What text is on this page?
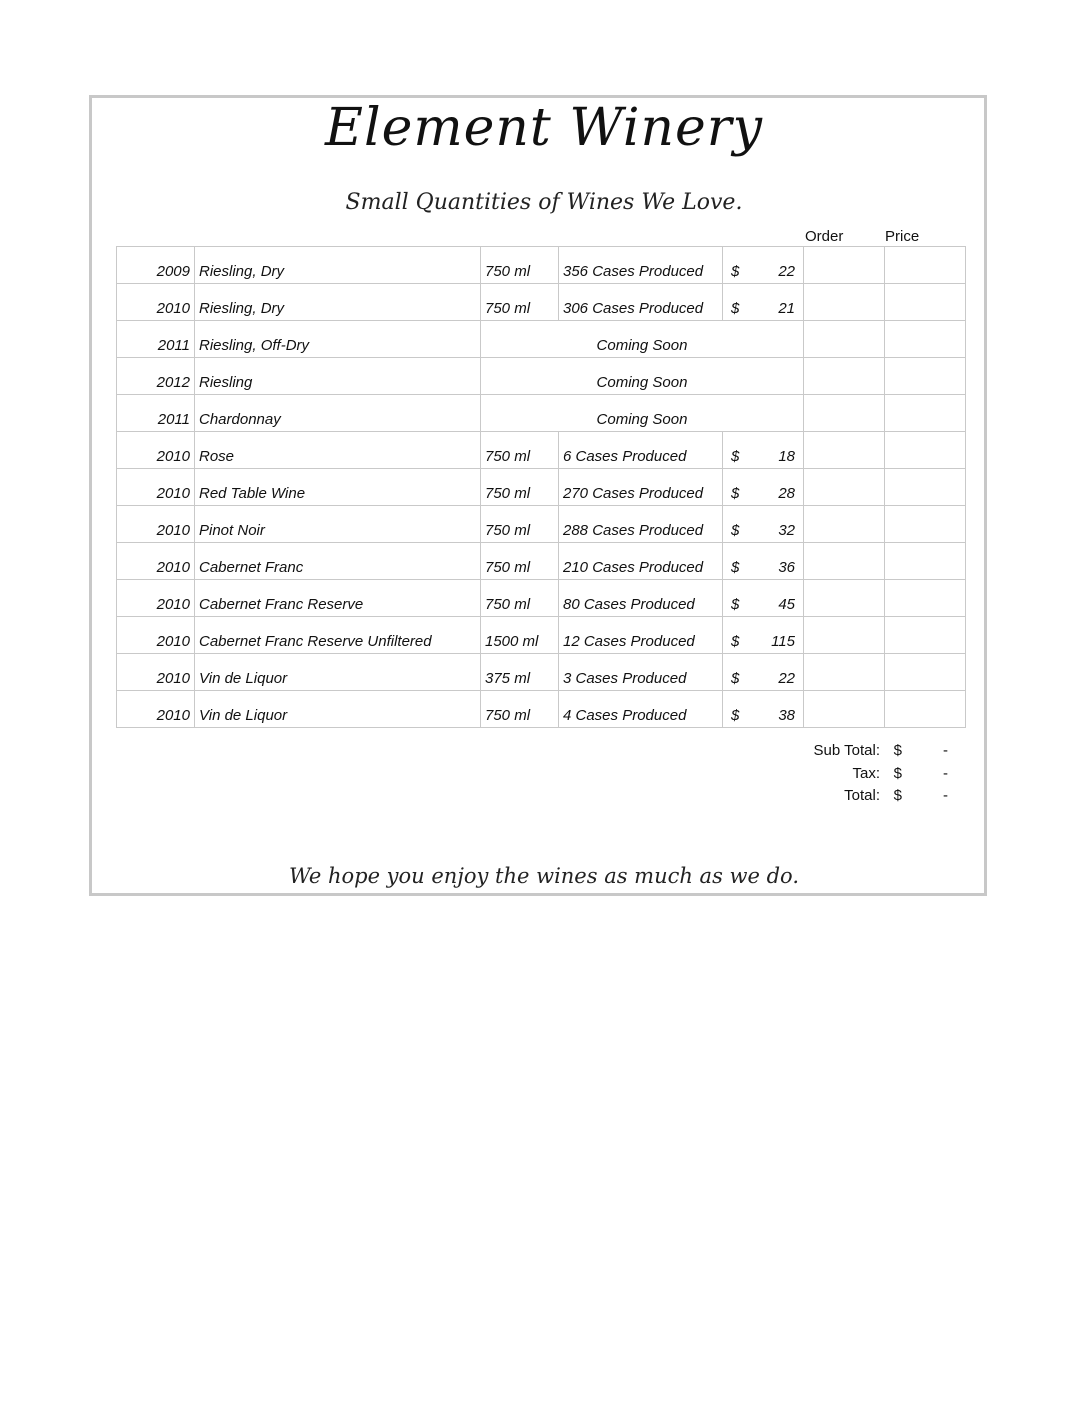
Element Winery
Small Quantities of Wines We Love.
Order	Price
2009	Riesling, Dry	750 ml	356 Cases Produced	$ 22		

2010	Riesling, Dry	750 ml	306 Cases Produced	$ 21		

2011	Riesling, Off-Dry	Coming Soon				
2012	Riesling	Coming Soon				
2011	Chardonnay	Coming Soon				
2010	Rose	750 ml	6 Cases Produced	$ 18		

2010	Red Table Wine	750 ml	270 Cases Produced	$ 28		

2010	Pinot Noir	750 ml	288 Cases Produced	$ 32		

2010	Cabernet Franc	750 ml	210 Cases Produced	$ 36		

2010	Cabernet Franc Reserve	750 ml	80 Cases Produced	$ 45		

2010	Cabernet Franc Reserve Unfiltered	1500 ml	12 Cases Produced	$ 115		

2010	Vin de Liquor	375 ml	3 Cases Produced	$ 22		

2010	Vin de Liquor	750 ml	4 Cases Produced	$ 38		

Sub Total: $	-
Tax: $	-
Total: $	-
We hope you enjoy the wines as much as we do.
